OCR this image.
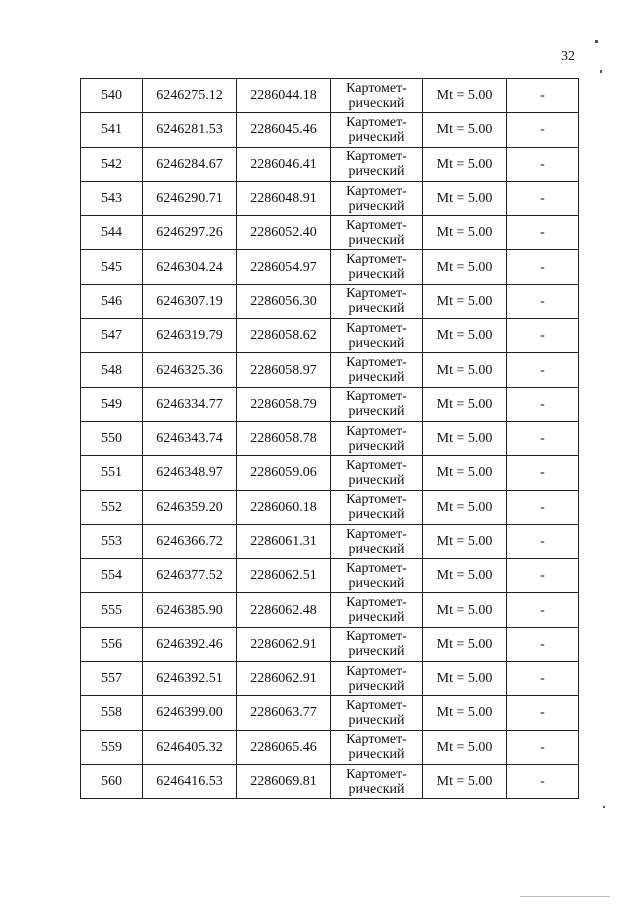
32
540	6246275.12	2286044.18	Картомет-
рический	Mt = 5.00	-
541	6246281.53	2286045.46	Картомет-
рический	Mt = 5.00	-
542	6246284.67	2286046.41	Картомет-
рический	Mt = 5.00	-
543	6246290.71	2286048.91	Картомет-
рический	Mt = 5.00	-
544	6246297.26	2286052.40	Картомет-
рический	Mt = 5.00	-
545	6246304.24	2286054.97	Картомет-
рический	Mt = 5.00	-
546	6246307.19	2286056.30	Картомет-
рический	Mt = 5.00	-
547	6246319.79	2286058.62	Картомет-
рический	Mt = 5.00	-
548	6246325.36	2286058.97	Картомет-
рический	Mt = 5.00	-
549	6246334.77	2286058.79	Картомет-
рический	Mt = 5.00	-
550	6246343.74	2286058.78	Картомет-
рический	Mt = 5.00	-
551	6246348.97	2286059.06	Картомет-
рический	Mt = 5.00	-
552	6246359.20	2286060.18	Картомет-
рический	Mt = 5.00	-
553	6246366.72	2286061.31	Картомет-
рический	Mt = 5.00	-
554	6246377.52	2286062.51	Картомет-
рический	Mt = 5.00	-
555	6246385.90	2286062.48	Картомет-
рический	Mt = 5.00	-
556	6246392.46	2286062.91	Картомет-
рический	Mt = 5.00	-
557	6246392.51	2286062.91	Картомет-
рический	Mt = 5.00	-
558	6246399.00	2286063.77	Картомет-
рический	Mt = 5.00	-
559	6246405.32	2286065.46	Картомет-
рический	Mt = 5.00	-
560	6246416.53	2286069.81	Картомет-
рический	Mt = 5.00	-
